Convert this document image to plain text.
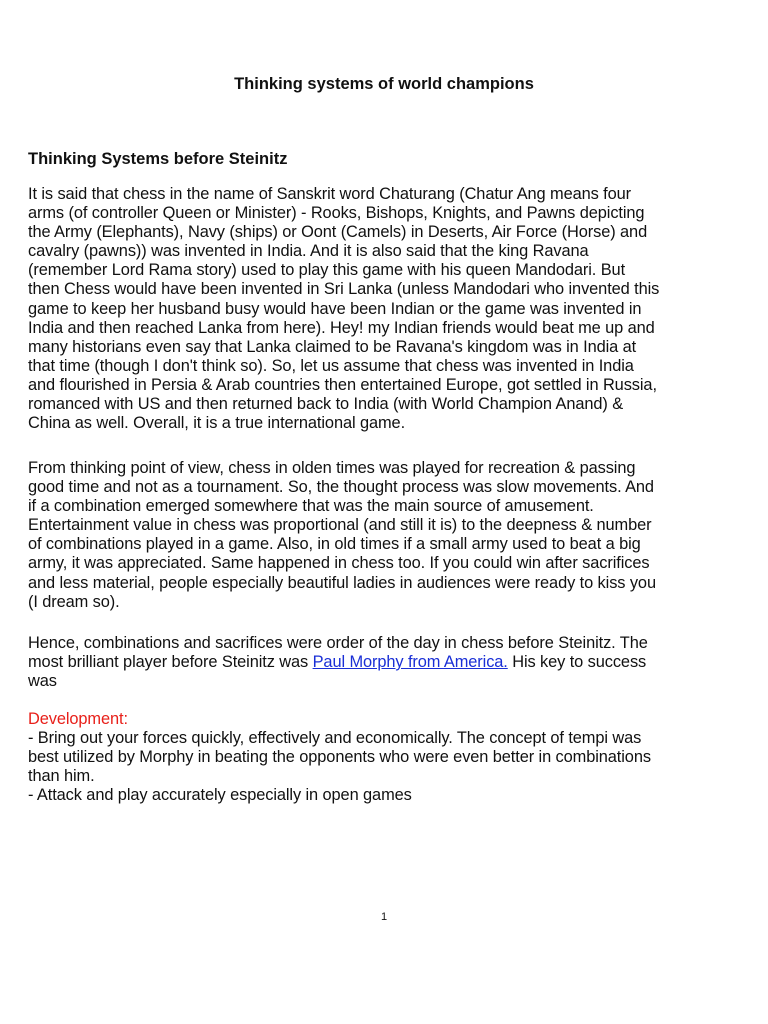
Thinking systems of world champions
Thinking Systems before Steinitz

It is said that chess in the name of Sanskrit word Chaturang (Chatur Ang means four
arms (of controller Queen or Minister) - Rooks, Bishops, Knights, and Pawns depicting
the Army (Elephants), Navy (ships) or Oont (Camels) in Deserts, Air Force (Horse) and
cavalry (pawns)) was invented in India. And it is also said that the king Ravana
(remember Lord Rama story) used to play this game with his queen Mandodari. But
then Chess would have been invented in Sri Lanka (unless Mandodari who invented this
game to keep her husband busy would have been Indian or the game was invented in
India and then reached Lanka from here). Hey! my Indian friends would beat me up and
many historians even say that Lanka claimed to be Ravana's kingdom was in India at
that time (though I don't think so). So, let us assume that chess was invented in India
and flourished in Persia & Arab countries then entertained Europe, got settled in Russia,
romanced with US and then returned back to India (with World Champion Anand) &
China as well. Overall, it is a true international game.

From thinking point of view, chess in olden times was played for recreation & passing
good time and not as a tournament. So, the thought process was slow movements. And
if a combination emerged somewhere that was the main source of amusement.
Entertainment value in chess was proportional (and still it is) to the deepness & number
of combinations played in a game. Also, in old times if a small army used to beat a big
army, it was appreciated. Same happened in chess too. If you could win after sacrifices
and less material, people especially beautiful ladies in audiences were ready to kiss you
(I dream so).

Hence, combinations and sacrifices were order of the day in chess before Steinitz. The
most brilliant player before Steinitz was Paul Morphy from America. His key to success
was

Development:
- Bring out your forces quickly, effectively and economically. The concept of tempi was
best utilized by Morphy in beating the opponents who were even better in combinations
than him.
- Attack and play accurately especially in open games

1
